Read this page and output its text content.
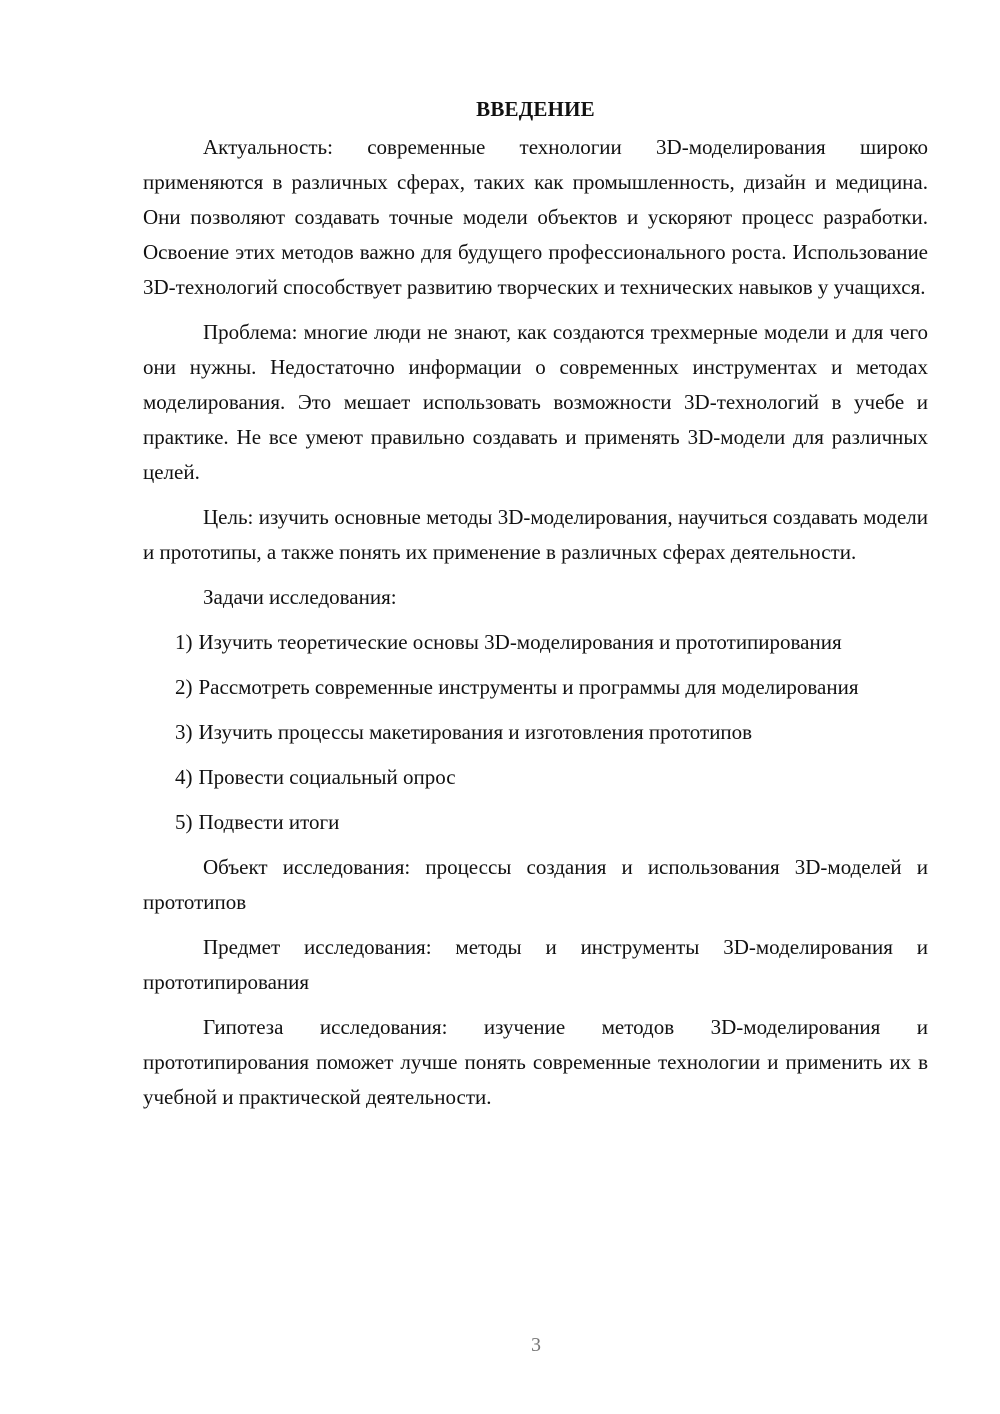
ВВЕДЕНИЕ

Актуальность: современные технологии 3D-моделирования широко применяются в различных сферах, таких как промышленность, дизайн и медицина. Они позволяют создавать точные модели объектов и ускоряют процесс разработки. Освоение этих методов важно для будущего профессионального роста. Использование 3D-технологий способствует развитию творческих и технических навыков у учащихся.

Проблема: многие люди не знают, как создаются трехмерные модели и для чего они нужны. Недостаточно информации о современных инструментах и методах моделирования. Это мешает использовать возможности 3D-технологий в учебе и практике. Не все умеют правильно создавать и применять 3D-модели для различных целей.

Цель: изучить основные методы 3D-моделирования, научиться создавать модели и прототипы, а также понять их применение в различных сферах деятельности.

Задачи исследования:

1) Изучить теоретические основы 3D-моделирования и прототипирования

2) Рассмотреть современные инструменты и программы для моделирования

3) Изучить процессы макетирования и изготовления прототипов

4) Провести социальный опрос

5) Подвести итоги

Объект исследования: процессы создания и использования 3D-моделей и прототипов

Предмет исследования: методы и инструменты 3D-моделирования и прототипирования

Гипотеза исследования: изучение методов 3D-моделирования и прототипирования поможет лучше понять современные технологии и применить их в учебной и практической деятельности.

3
